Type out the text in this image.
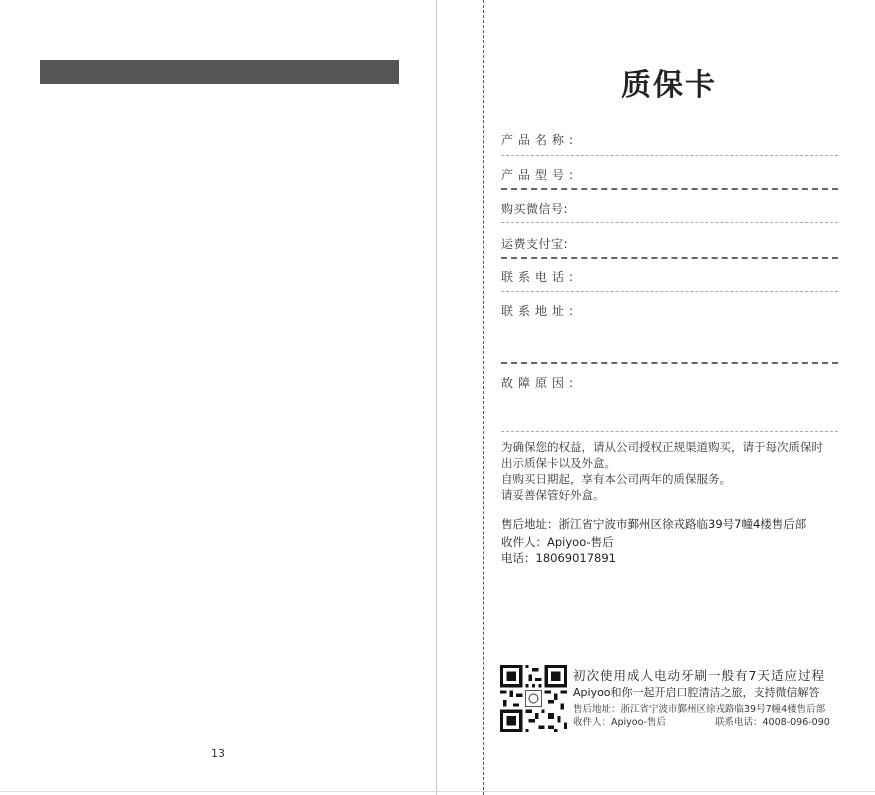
13
质保卡
产品名称:
产品型号:
购买微信号:
运费支付宝:
联系电话:
联系地址:
故障原因:
为确保您的权益，请从公司授权正规渠道购买，请于每次质保时
出示质保卡以及外盒。
自购买日期起，享有本公司两年的质保服务。
请妥善保管好外盒。
售后地址：浙江省宁波市鄞州区徐戎路临39号7幢4楼售后部
收件人：Apiyoo-售后
电话：18069017891
初次使用成人电动牙刷一般有7天适应过程
Apiyoo和你一起开启口腔清洁之旅，支持微信解答
售后地址：浙江省宁波市鄞州区徐戎路临39号7幢4楼售后部
收件人：Apiyoo-售后	联系电话：4008-096-090
